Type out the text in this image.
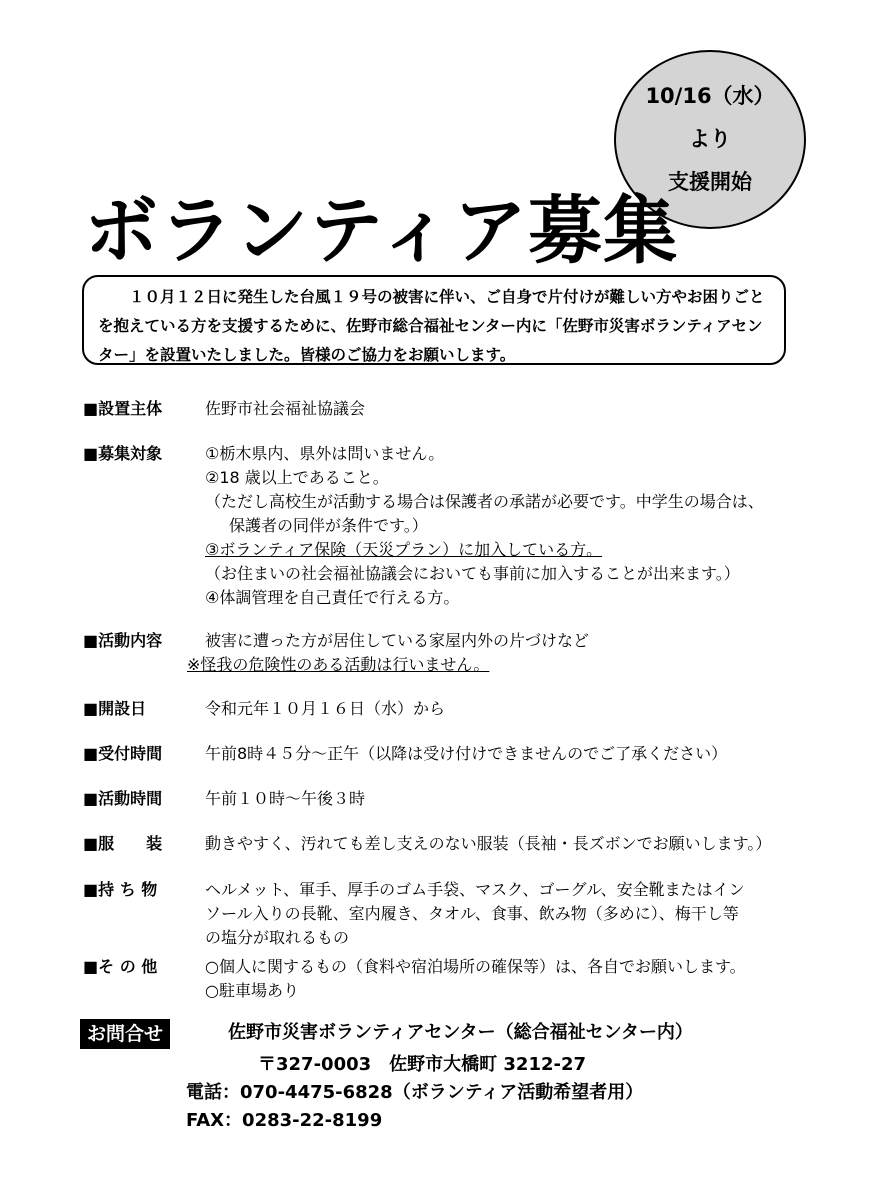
10/16（水）
より
支援開始
ボランティア募集

１０月１２日に発生した台風１９号の被害に伴い、ご自身で片付けが難しい方やお困りごとを抱えている方を支援するために、佐野市総合福祉センター内に「佐野市災害ボランティアセンター」を設置いたしました。皆様のご協力をお願いします。

■設置主体	佐野市社会福祉協議会
■募集対象	①栃木県内、県外は問いません。
②18 歳以上であること。
（ただし高校生が活動する場合は保護者の承諾が必要です。中学生の場合は、
保護者の同伴が条件です。）
③ボランティア保険（天災プラン）に加入している方。
（お住まいの社会福祉協議会においても事前に加入することが出来ます。）
④体調管理を自己責任で行える方。
■活動内容	被害に遭った方が居住している家屋内外の片づけなど
※怪我の危険性のある活動は行いません。
■開設日	令和元年１０月１６日（水）から
■受付時間	午前8時４５分～正午（以降は受け付けできませんのでご了承ください）
■活動時間	午前１０時～午後３時
■服　　装	動きやすく、汚れても差し支えのない服装（長袖・長ズボンでお願いします。）
■持 ち 物	ヘルメット、軍手、厚手のゴム手袋、マスク、ゴーグル、安全靴またはイン
ソール入りの長靴、室内履き、タオル、食事、飲み物（多めに）、梅干し等
の塩分が取れるもの
■そ の 他	○個人に関するもの（食料や宿泊場所の確保等）は、各自でお願いします。
○駐車場あり
お問合せ	佐野市災害ボランティアセンター（総合福祉センター内）
〒327-0003　佐野市大橋町 3212-27
電話：070-4475-6828（ボランティア活動希望者用）
FAX：0283-22-8199
